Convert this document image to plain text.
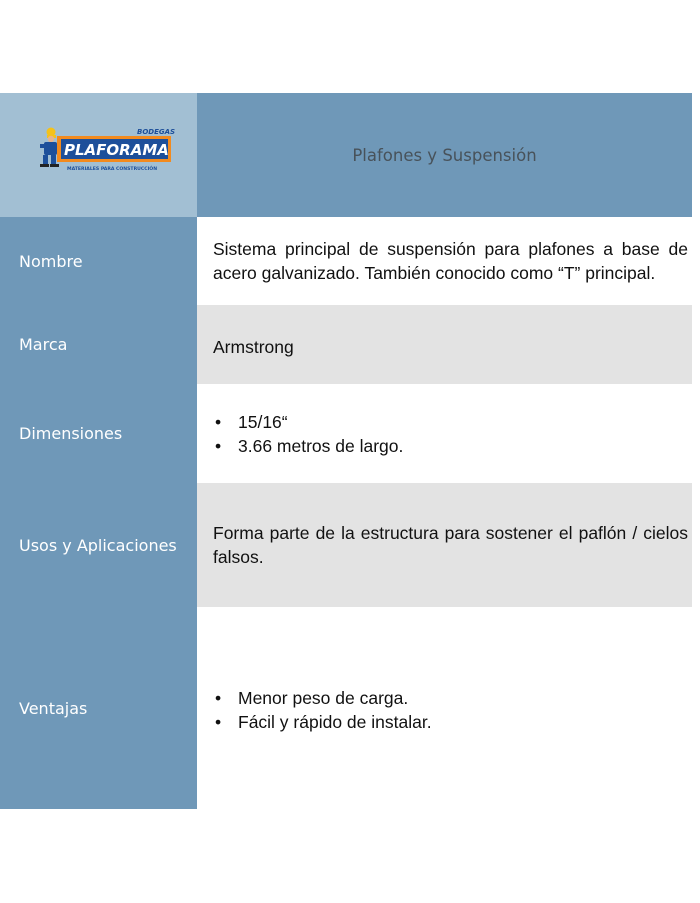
BODEGAS
PLAFORAMA
MATERIALES PARA CONSTRUCCIÓN
Plafones y Suspensión
Nombre

Sistema principal de suspensión para plafones a base de acero galvanizado. También conocido como “T” principal.

Marca	Armstrong

Dimensiones
• 15/16“
• 3.66 metros de largo.
Usos y Aplicaciones

Forma parte de la estructura para sostener el paflón / cielos falsos.

Ventajas
•	Menor peso de carga.
• Fácil y rápido de instalar.
